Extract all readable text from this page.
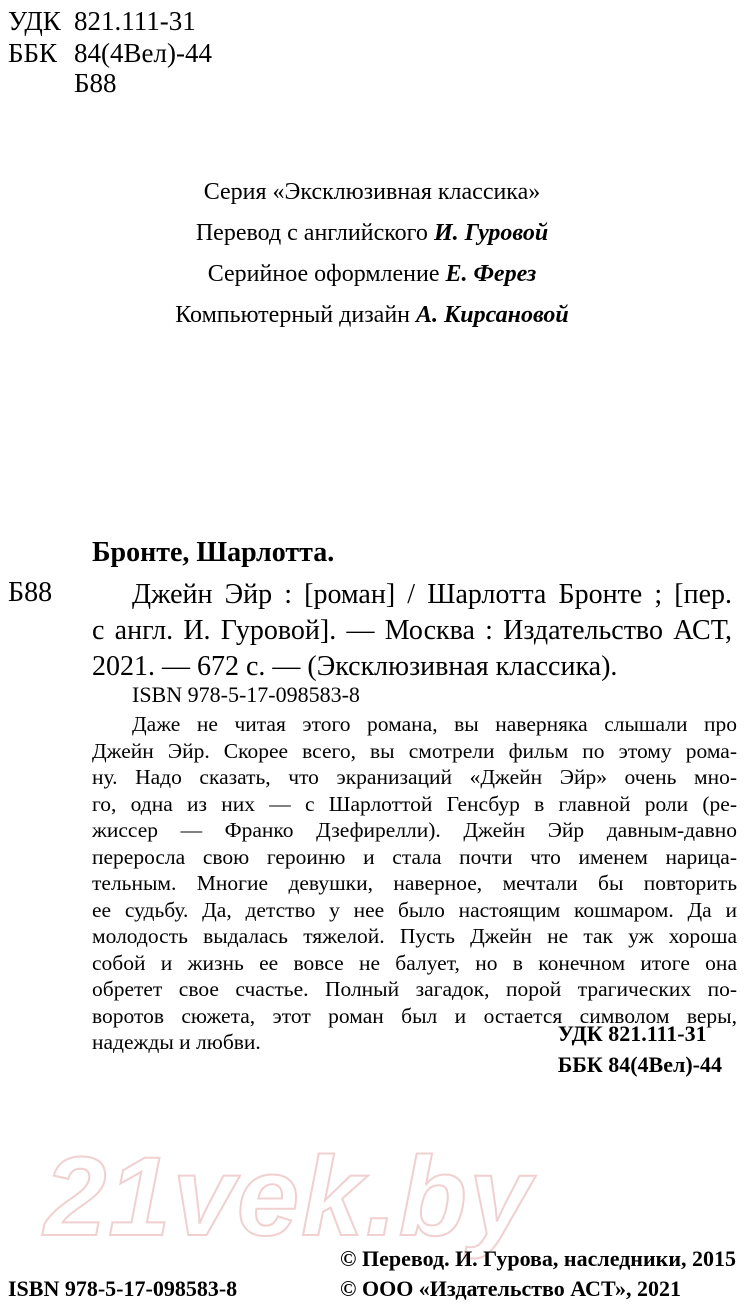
УДК 821.111-31
ББК 84(4Вел)-44
Б88
Серия «Эксклюзивная классика»
Перевод с английского И. Гуровой
Серийное оформление Е. Ферез
Компьютерный дизайн А. Кирсановой
Бронте, Шарлотта.
Б88	Джейн Эйр : [роман] / Шарлотта Бронте ; [пер.
с англ. И. Гуровой]. — Москва : Издательство АСТ,
2021. — 672 с. — (Эксклюзивная классика).
ISBN 978-5-17-098583-8
Даже не читая этого романа, вы наверняка слышали про
Джейн Эйр. Скорее всего, вы смотрели фильм по этому рома-
ну. Надо сказать, что экранизаций «Джейн Эйр» очень мно-
го, одна из них — с Шарлоттой Генсбур в главной роли (ре-
жиссер — Франко Дзефирелли). Джейн Эйр давным-давно
переросла свою героиню и стала почти что именем нарица-
тельным. Многие девушки, наверное, мечтали бы повторить
ее судьбу. Да, детство у нее было настоящим кошмаром. Да и
молодость выдалась тяжелой. Пусть Джейн не так уж хороша
собой и жизнь ее вовсе не балует, но в конечном итоге она
обретет свое счастье. Полный загадок, порой трагических по-
воротов сюжета, этот роман был и остается символом веры,
надежды и любви.	УДК 821.111-31
ББК 84(4Вел)-44
21vek.by
© Перевод. И. Гурова, наследники, 2015
© ООО «Издательство АСТ», 2021
ISBN 978-5-17-098583-8
